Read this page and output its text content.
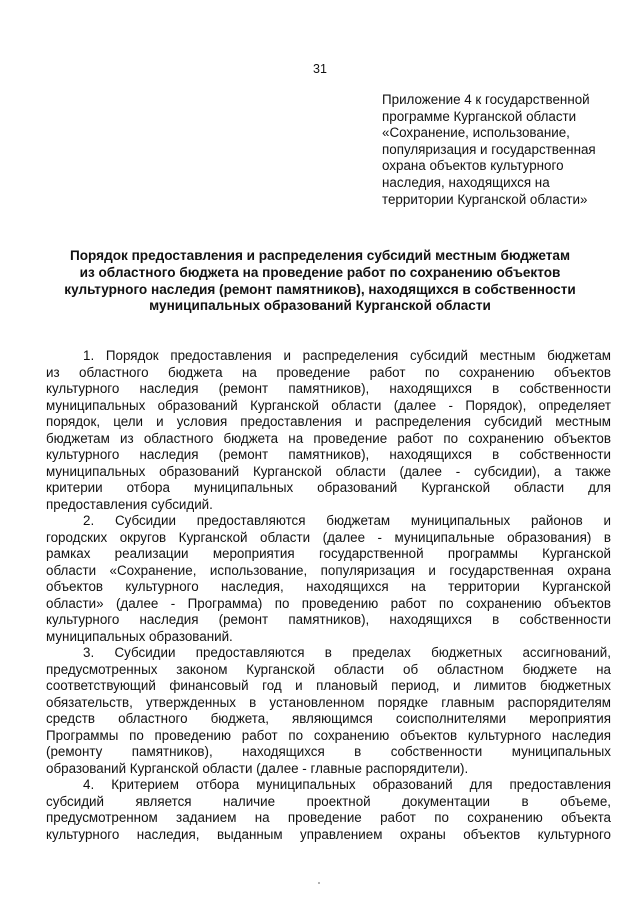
31
Приложение 4 к государственной
программе Курганской области
«Сохранение, использование,
популяризация и государственная
охрана объектов культурного
наследия, находящихся на
территории Курганской области»
Порядок предоставления и распределения субсидий местным бюджетам
из областного бюджета на проведение работ по сохранению объектов
культурного наследия (ремонт памятников), находящихся в собственности
муниципальных образований Курганской области
1. Порядок предоставления и распределения субсидий местным бюджетам
из областного бюджета на проведение работ по сохранению объектов
культурного наследия (ремонт памятников), находящихся в собственности
муниципальных образований Курганской области (далее - Порядок), определяет
порядок, цели и условия предоставления и распределения субсидий местным
бюджетам из областного бюджета на проведение работ по сохранению объектов
культурного наследия (ремонт памятников), находящихся в собственности
муниципальных образований Курганской области (далее - субсидии), а также
критерии отбора муниципальных образований Курганской области для
предоставления субсидий.
2. Субсидии предоставляются бюджетам муниципальных районов и
городских округов Курганской области (далее - муниципальные образования) в
рамках реализации мероприятия государственной программы Курганской
области «Сохранение, использование, популяризация и государственная охрана
объектов культурного наследия, находящихся на территории Курганской
области» (далее - Программа) по проведению работ по сохранению объектов
культурного наследия (ремонт памятников), находящихся в собственности
муниципальных образований.
3. Субсидии предоставляются в пределах бюджетных ассигнований,
предусмотренных законом Курганской области об областном бюджете на
соответствующий финансовый год и плановый период, и лимитов бюджетных
обязательств, утвержденных в установленном порядке главным распорядителям
средств областного бюджета, являющимся соисполнителями мероприятия
Программы по проведению работ по сохранению объектов культурного наследия
(ремонту памятников), находящихся в собственности муниципальных
образований Курганской области (далее - главные распорядители).
4. Критерием отбора муниципальных образований для предоставления
субсидий является наличие проектной документации в объеме,
предусмотренном заданием на проведение работ по сохранению объекта
культурного наследия, выданным управлением охраны объектов культурного
